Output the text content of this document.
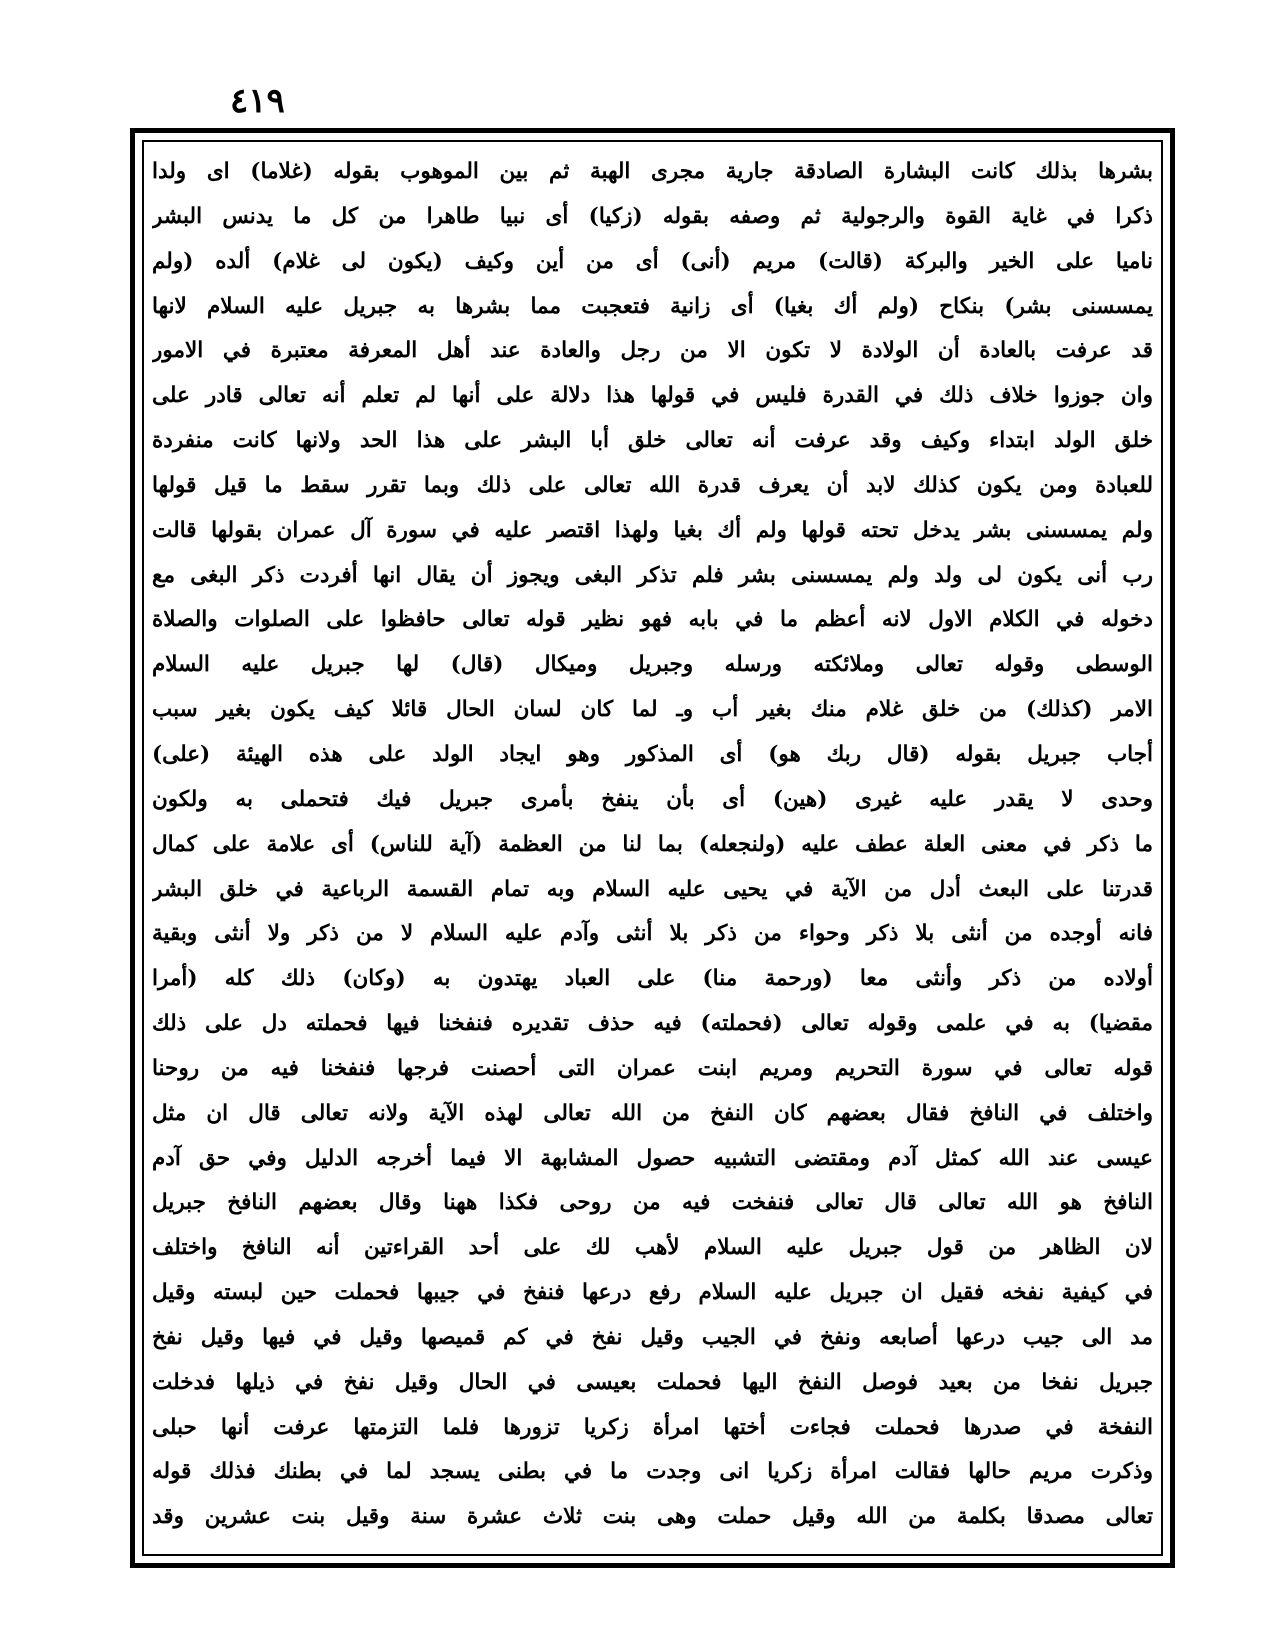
٤١٩
بشرها بذلك كانت البشارة الصادقة جارية مجرى الهبة ثم بين الموهوب بقوله (غلاما) اى ولدا
ذكرا في غاية القوة والرجولية ثم وصفه بقوله (زكيا) أى نبيا طاهرا من كل ما يدنس البشر
ناميا على الخير والبركة (قالت) مريم (أنى) أى من أين وكيف (يكون لى غلام) ألده (ولم
يمسسنى بشر) بنكاح (ولم أك بغيا) أى زانية فتعجبت مما بشرها به جبريل عليه السلام لانها
قد عرفت بالعادة أن الولادة لا تكون الا من رجل والعادة عند أهل المعرفة معتبرة في الامور
وان جوزوا خلاف ذلك في القدرة فليس في قولها هذا دلالة على أنها لم تعلم أنه تعالى قادر على
خلق الولد ابتداء وكيف وقد عرفت أنه تعالى خلق أبا البشر على هذا الحد ولانها كانت منفردة
للعبادة ومن يكون كذلك لابد أن يعرف قدرة الله تعالى على ذلك وبما تقرر سقط ما قيل قولها
ولم يمسسنى بشر يدخل تحته قولها ولم أك بغيا ولهذا اقتصر عليه في سورة آل عمران بقولها قالت
رب أنى يكون لى ولد ولم يمسسنى بشر فلم تذكر البغى ويجوز أن يقال انها أفردت ذكر البغى مع
دخوله في الكلام الاول لانه أعظم ما في بابه فهو نظير قوله تعالى حافظوا على الصلوات والصلاة
الوسطى وقوله تعالى وملائكته ورسله وجبريل وميكال (قال) لها جبريل عليه السلام
الامر (كذلك) من خلق غلام منك بغير أب وـ لما كان لسان الحال قائلا كيف يكون بغير سبب
أجاب جبريل بقوله (قال ربك هو) أى المذكور وهو ايجاد الولد على هذه الهيئة (على)
وحدى لا يقدر عليه غيرى (هين) أى بأن ينفخ بأمرى جبريل فيك فتحملى به ولكون
ما ذكر في معنى العلة عطف عليه (ولنجعله) بما لنا من العظمة (آية للناس) أى علامة على كمال
قدرتنا على البعث أدل من الآية في يحيى عليه السلام وبه تمام القسمة الرباعية في خلق البشر
فانه أوجده من أنثى بلا ذكر وحواء من ذكر بلا أنثى وآدم عليه السلام لا من ذكر ولا أنثى وبقية
أولاده من ذكر وأنثى معا (ورحمة منا) على العباد يهتدون به (وكان) ذلك كله (أمرا
مقضيا) به في علمى وقوله تعالى (فحملته) فيه حذف تقديره فنفخنا فيها فحملته دل على ذلك
قوله تعالى في سورة التحريم ومريم ابنت عمران التى أحصنت فرجها فنفخنا فيه من روحنا
واختلف في النافخ فقال بعضهم كان النفخ من الله تعالى لهذه الآية ولانه تعالى قال ان مثل
عيسى عند الله كمثل آدم ومقتضى التشبيه حصول المشابهة الا فيما أخرجه الدليل وفي حق آدم
النافخ هو الله تعالى قال تعالى فنفخت فيه من روحى فكذا ههنا وقال بعضهم النافخ جبريل
لان الظاهر من قول جبريل عليه السلام لأهب لك على أحد القراءتين أنه النافخ واختلف
في كيفية نفخه فقيل ان جبريل عليه السلام رفع درعها فنفخ في جيبها فحملت حين لبسته وقيل
مد الى جيب درعها أصابعه ونفخ في الجيب وقيل نفخ في كم قميصها وقيل في فيها وقيل نفخ
جبريل نفخا من بعيد فوصل النفخ اليها فحملت بعيسى في الحال وقيل نفخ في ذيلها فدخلت
النفخة في صدرها فحملت فجاءت أختها امرأة زكريا تزورها فلما التزمتها عرفت أنها حبلى
وذكرت مريم حالها فقالت امرأة زكريا انى وجدت ما في بطنى يسجد لما في بطنك فذلك قوله
تعالى مصدقا بكلمة من الله وقيل حملت وهى بنت ثلاث عشرة سنة وقيل بنت عشرين وقد
